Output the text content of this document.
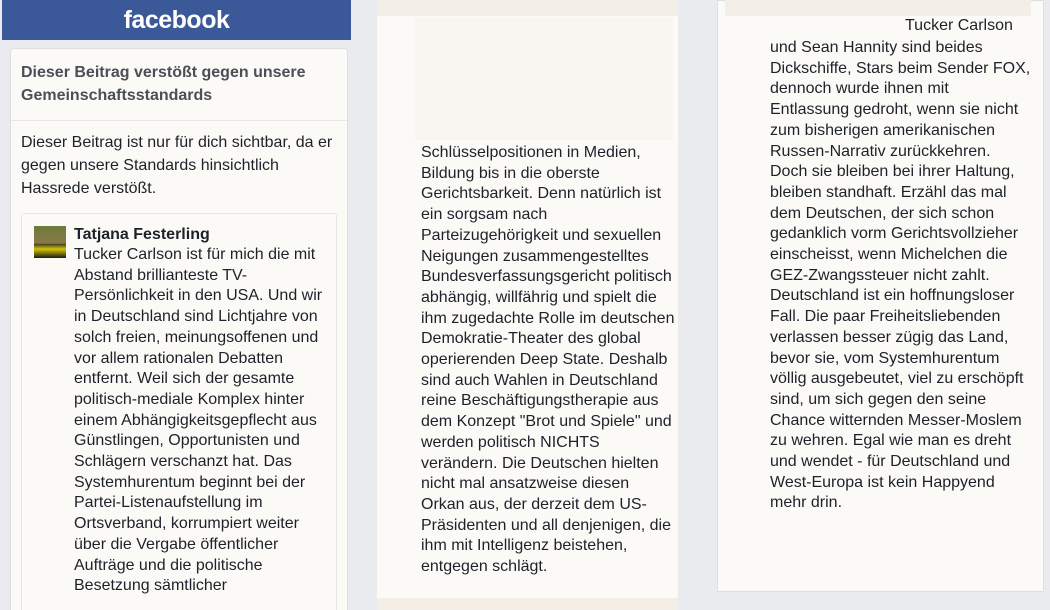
facebook
Dieser Beitrag verstößt gegen unsere Gemeinschaftsstandards
Dieser Beitrag ist nur für dich sichtbar, da er gegen unsere Standards hinsichtlich Hassrede verstößt.
Tatjana Festerling
Tucker Carlson ist für mich die mit Abstand brillianteste TV-Persönlichkeit in den USA. Und wir in Deutschland sind Lichtjahre von solch freien, meinungsoffenen und vor allem rationalen Debatten entfernt. Weil sich der gesamte politisch-mediale Komplex hinter einem Abhängigkeitsgepflecht aus Günstlingen, Opportunisten und Schlägern verschanzt hat. Das Systemhurentum beginnt bei der Partei-Listenaufstellung im Ortsverband, korrumpiert weiter über die Vergabe öffentlicher Aufträge und die politische Besetzung sämtlicher
Schlüsselpositionen in Medien, Bildung bis in die oberste Gerichtsbarkeit. Denn natürlich ist ein sorgsam nach Parteizugehörigkeit und sexuellen Neigungen zusammengestelltes Bundesverfassungsgericht politisch abhängig, willfährig und spielt die ihm zugedachte Rolle im deutschen Demokratie-Theater des global operierenden Deep State. Deshalb sind auch Wahlen in Deutschland reine Beschäftigungstherapie aus dem Konzept "Brot und Spiele" und werden politisch NICHTS verändern. Die Deutschen hielten nicht mal ansatzweise diesen Orkan aus, der derzeit dem US-Präsidenten und all denjenigen, die ihm mit Intelligenz beistehen, entgegen schlägt.
Tucker Carlson
und Sean Hannity sind beides Dickschiffe, Stars beim Sender FOX, dennoch wurde ihnen mit Entlassung gedroht, wenn sie nicht zum bisherigen amerikanischen Russen-Narrativ zurückkehren. Doch sie bleiben bei ihrer Haltung, bleiben standhaft. Erzähl das mal dem Deutschen, der sich schon gedanklich vorm Gerichtsvollzieher einscheisst, wenn Michelchen die GEZ-Zwangssteuer nicht zahlt. Deutschland ist ein hoffnungsloser Fall. Die paar Freiheitsliebenden verlassen besser zügig das Land, bevor sie, vom Systemhurentum völlig ausgebeutet, viel zu erschöpft sind, um sich gegen den seine Chance witternden Messer-Moslem zu wehren. Egal wie man es dreht und wendet - für Deutschland und West-Europa ist kein Happyend mehr drin.
